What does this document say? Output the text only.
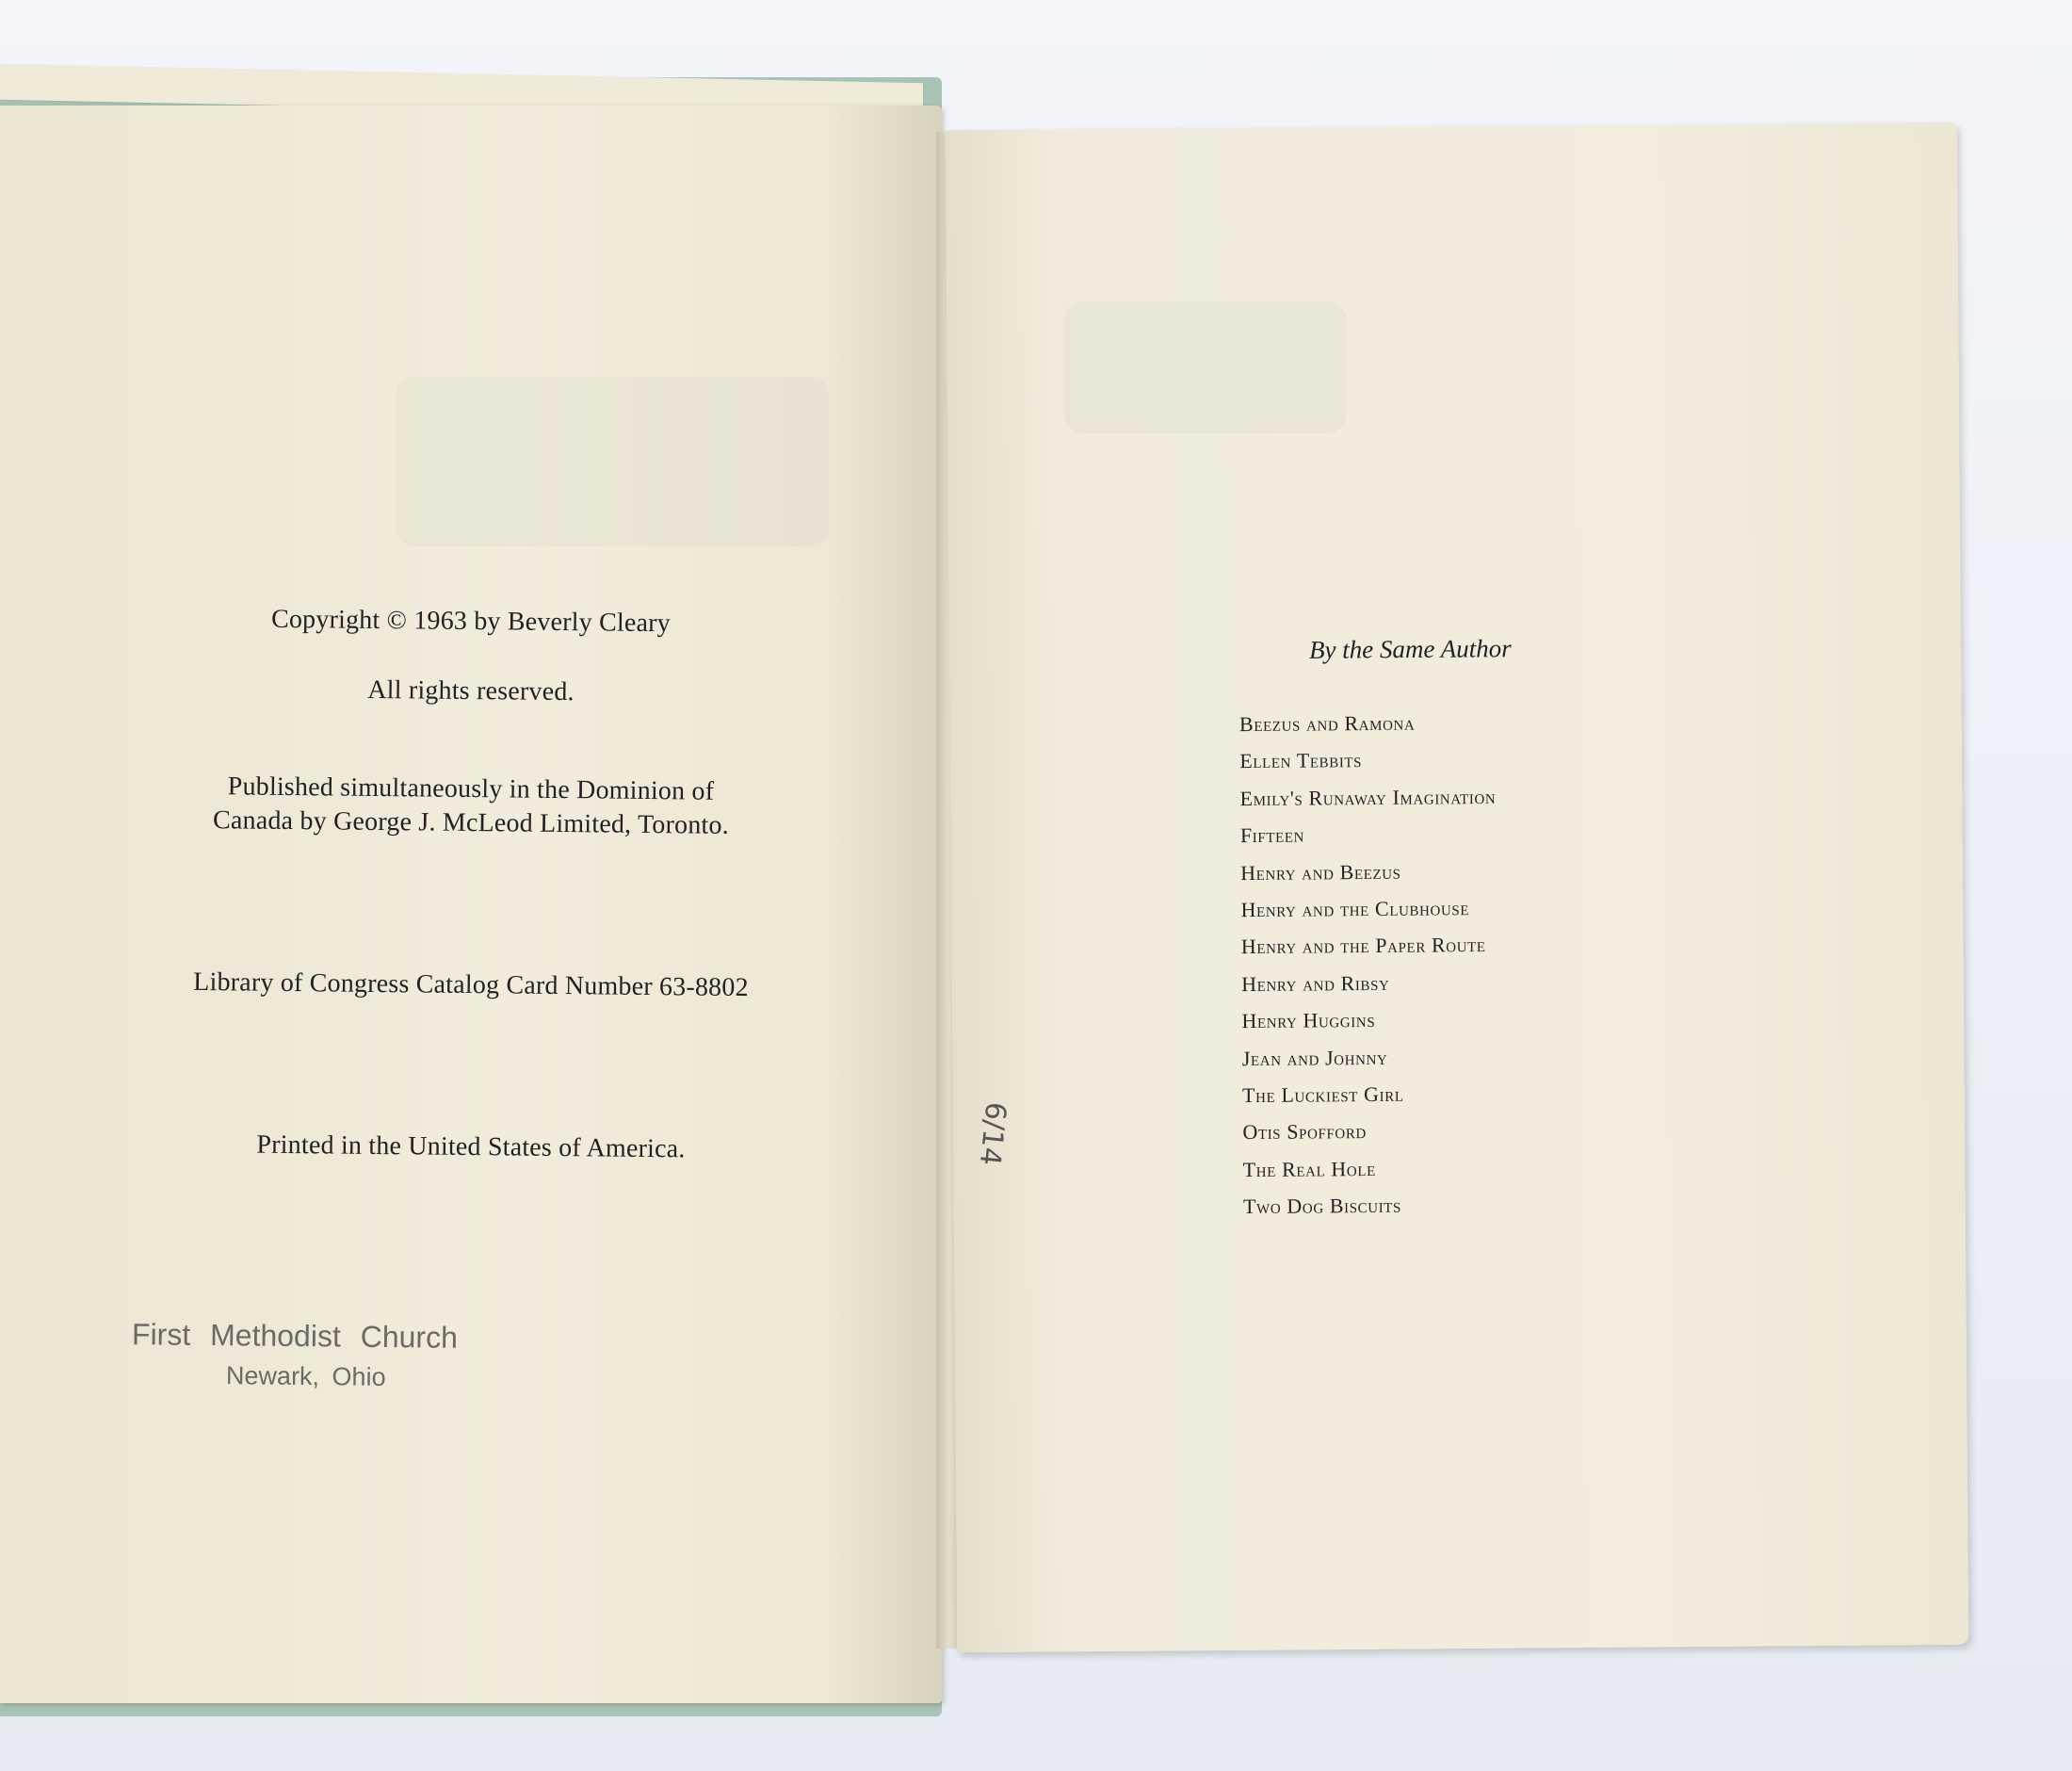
Copyright © 1963 by Beverly Cleary
All rights reserved.
Published simultaneously in the Dominion of
Canada by George J. McLeod Limited, Toronto.
Library of Congress Catalog Card Number 63-8802
Printed in the United States of America.
First Methodist Church
Newark, Ohio
6/14
By the Same Author
Beezus and Ramona
Ellen Tebbits
Emily's Runaway Imagination
Fifteen
Henry and Beezus
Henry and the Clubhouse
Henry and the Paper Route
Henry and Ribsy
Henry Huggins
Jean and Johnny
The Luckiest Girl
Otis Spofford
The Real Hole
Two Dog Biscuits
